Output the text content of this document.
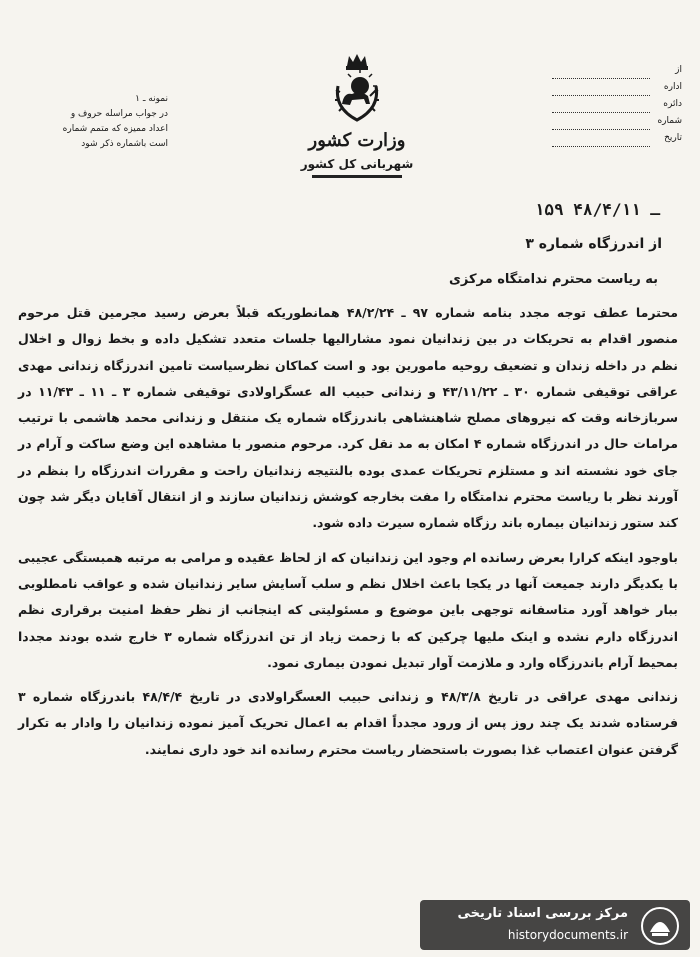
از
اداره
دائره
شماره
تاریخ
وزارت کشور
شهربانی کل کشور
نمونه ـ ۱
در جواب مراسله حروف و
اعداد ممیزه که متمم شماره
است باشماره ذکر شود
۱۵۹ ـ ۴۸/۴/۱۱
از اندرزگاه شماره ۳
به ریاست محترم ندامتگاه مرکزی

محترما عطف توجه مجدد بنامه شماره ۹۷ ـ ۴۸/۲/۲۴ همانطوریکه قبلاً بعرض رسید مجرمین قتل مرحوم منصور اقدام به تحریکات در بین زندانیان نمود مشارالیها جلسات متعدد تشکیل داده و بخط زوال و اخلال نظم در داخله زندان و تضعیف روحیه مامورین بود و است کماکان نظرسیاست تامین اندرزگاه زندانی مهدی عراقی توقیفی شماره ۳۰ ـ ۴۳/۱۱/۲۲ و زندانی حبیب اله عسگراولادی توقیفی شماره ۳ ـ ۱۱ ـ ۱۱/۴۳ در سربازخانه وقت که نیروهای مصلح شاهنشاهی باندرزگاه شماره یک منتقل و زندانی محمد هاشمی با ترتیب مرامات حال در اندرزگاه شماره ۴ امکان به مد نقل کرد. مرحوم منصور با مشاهده این وضع ساکت و آرام در جای خود نشسته اند و مستلزم تحریکات عمدی بوده بالنتیجه زندانیان راحت و مقررات اندرزگاه را بنظم در آورند نظر با ریاست محترم ندامتگاه را مفت بخارجه کوشش زندانیان سازند و از انتقال آقایان دیگر شد چون کند ستور زندانیان بیماره باند رزگاه شماره سیرت داده شود.

باوجود اینکه کرارا بعرض رسانده ام وجود این زندانیان که از لحاظ عقیده و مرامی به مرتبه همبستگی عجیبی با یکدیگر دارند جمیعت آنها در یکجا باعث اخلال نظم و سلب آسایش سایر زندانیان شده و عواقب نامطلوبی ببار خواهد آورد متاسفانه توجهی باین موضوع و مسئولیتی که اینجانب از نظر حفظ امنیت برقراری نظم اندرزگاه دارم نشده و اینک ملیها چرکین که با زحمت زیاد از تن اندرزگاه شماره ۳ خارج شده بودند مجددا بمحیط آرام باندرزگاه وارد و ملازمت آوار تبدیل نمودن بیماری نمود.

زندانی مهدی عراقی در تاریخ ۴۸/۳/۸ و زندانی حبیب العسگراولادی در تاریخ ۴۸/۴/۴ باندرزگاه شماره ۳ فرستاده شدند یک چند روز پس از ورود مجدداً اقدام به اعمال تحریک آمیز نموده زندانیان را وادار به تکرار گرفتن عنوان اعتصاب غذا بصورت باستحضار ریاست محترم رسانده اند خود داری نمایند.

مرکز بررسی اسناد تاریخی
historydocuments.ir
